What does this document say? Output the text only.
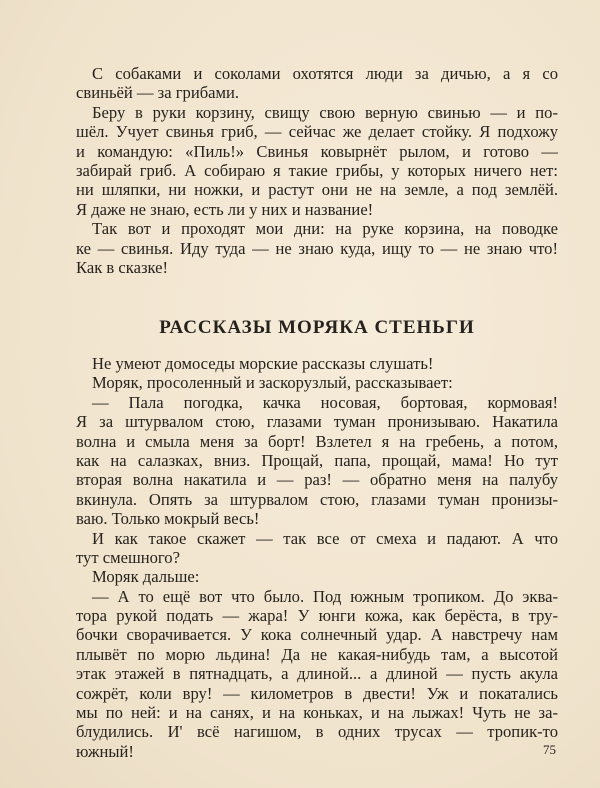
С собаками и соколами охотятся люди за дичью, а я со
свиньёй — за грибами.
Беру в руки корзину, свищу свою верную свинью — и по-
шёл. Учует свинья гриб, — сейчас же делает стойку. Я подхожу
и командую: «Пиль!» Свинья ковырнёт рылом, и готово —
забирай гриб. А собираю я такие грибы, у которых ничего нет:
ни шляпки, ни ножки, и растут они не на земле, а под землёй.
Я даже не знаю, есть ли у них и название!
Так вот и проходят мои дни: на руке корзина, на поводке
ке — свинья. Иду туда — не знаю куда, ищу то — не знаю что!
Как в сказке!
РАССКАЗЫ МОРЯКА СТЕНЬГИ
Не умеют домоседы морские рассказы слушать!
Моряк, просоленный и заскорузлый, рассказывает:
— Пала погодка, качка носовая, бортовая, кормовая!
Я за штурвалом стою, глазами туман пронизываю. Накатила
волна и смыла меня за борт! Взлетел я на гребень, а потом,
как на салазках, вниз. Прощай, папа, прощай, мама! Но тут
вторая волна накатила и — раз! — обратно меня на палубу
вкинула. Опять за штурвалом стою, глазами туман пронизы-
ваю. Только мокрый весь!
И как такое скажет — так все от смеха и падают. А что
тут смешного?
Моряк дальше:
— А то ещё вот что было. Под южным тропиком. До эква-
тора рукой подать — жара! У юнги кожа, как берёста, в тру-
бочки сворачивается. У кока солнечный удар. А навстречу нам
плывёт по морю льдина! Да не какая-нибудь там, а высотой
этак этажей в пятнадцать, а длиной... а длиной — пусть акула
сожрёт, коли вру! — километров в двести! Уж и покатались
мы по ней: и на санях, и на коньках, и на лыжах! Чуть не за-
блудились. И' всё нагишом, в одних трусах — тропик-то
южный!	75
